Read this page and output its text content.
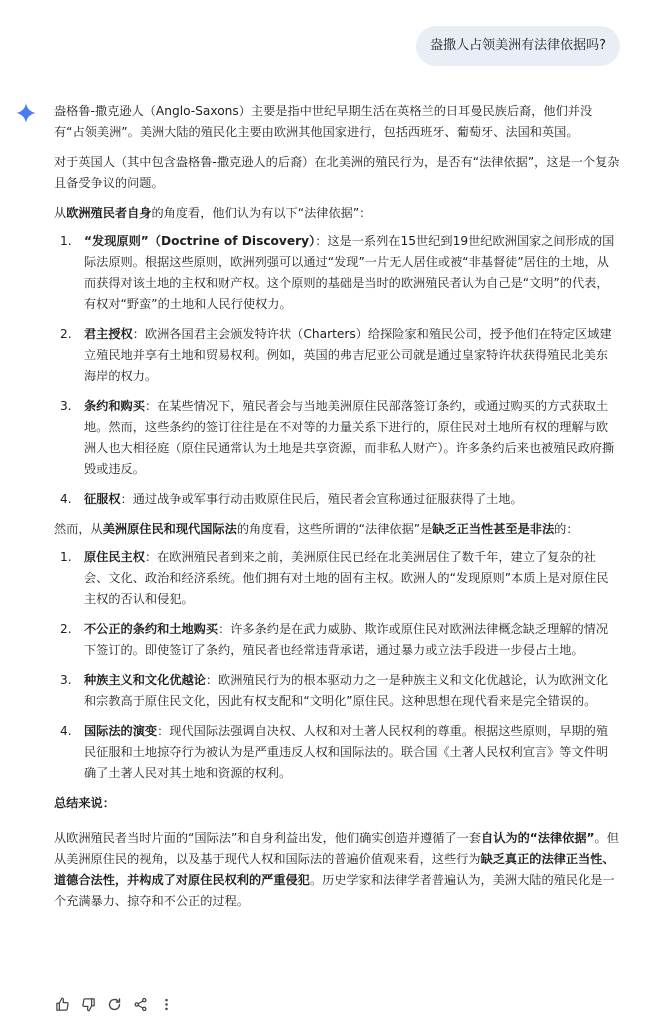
盎撒人占领美洲有法律依据吗?

盎格鲁-撒克逊人（Anglo-Saxons）主要是指中世纪早期生活在英格兰的日耳曼民族后裔，他们并没有“占领美洲”。美洲大陆的殖民化主要由欧洲其他国家进行，包括西班牙、葡萄牙、法国和英国。

对于英国人（其中包含盎格鲁-撒克逊人的后裔）在北美洲的殖民行为，是否有“法律依据”，这是一个复杂且备受争议的问题。

从欧洲殖民者自身的角度看，他们认为有以下“法律依据”：

1. “发现原则”（Doctrine of Discovery）：这是一系列在15世纪到19世纪欧洲国家之间形成的国际法原则。根据这些原则，欧洲列强可以通过“发现”一片无人居住或被“非基督徒”居住的土地，从而获得对该土地的主权和财产权。这个原则的基础是当时的欧洲殖民者认为自己是“文明”的代表，有权对“野蛮”的土地和人民行使权力。
2. 君主授权：欧洲各国君主会颁发特许状（Charters）给探险家和殖民公司，授予他们在特定区域建立殖民地并享有土地和贸易权利。例如，英国的弗吉尼亚公司就是通过皇家特许状获得殖民北美东海岸的权力。
3. 条约和购买：在某些情况下，殖民者会与当地美洲原住民部落签订条约，或通过购买的方式获取土地。然而，这些条约的签订往往是在不对等的力量关系下进行的，原住民对土地所有权的理解与欧洲人也大相径庭（原住民通常认为土地是共享资源，而非私人财产）。许多条约后来也被殖民政府撕毁或违反。
4. 征服权：通过战争或军事行动击败原住民后，殖民者会宣称通过征服获得了土地。

然而，从美洲原住民和现代国际法的角度看，这些所谓的“法律依据”是缺乏正当性甚至是非法的：

1. 原住民主权：在欧洲殖民者到来之前，美洲原住民已经在北美洲居住了数千年，建立了复杂的社会、文化、政治和经济系统。他们拥有对土地的固有主权。欧洲人的“发现原则”本质上是对原住民主权的否认和侵犯。
2. 不公正的条约和土地购买：许多条约是在武力威胁、欺诈或原住民对欧洲法律概念缺乏理解的情况下签订的。即使签订了条约，殖民者也经常违背承诺，通过暴力或立法手段进一步侵占土地。
3. 种族主义和文化优越论：欧洲殖民行为的根本驱动力之一是种族主义和文化优越论，认为欧洲文化和宗教高于原住民文化，因此有权支配和“文明化”原住民。这种思想在现代看来是完全错误的。
4. 国际法的演变：现代国际法强调自决权、人权和对土著人民权利的尊重。根据这些原则，早期的殖民征服和土地掠夺行为被认为是严重违反人权和国际法的。联合国《土著人民权利宣言》等文件明确了土著人民对其土地和资源的权利。

总结来说：

从欧洲殖民者当时片面的“国际法”和自身利益出发，他们确实创造并遵循了一套自认为的“法律依据”。但从美洲原住民的视角，以及基于现代人权和国际法的普遍价值观来看，这些行为缺乏真正的法律正当性、道德合法性，并构成了对原住民权利的严重侵犯。历史学家和法律学者普遍认为，美洲大陆的殖民化是一个充满暴力、掠夺和不公正的过程。
